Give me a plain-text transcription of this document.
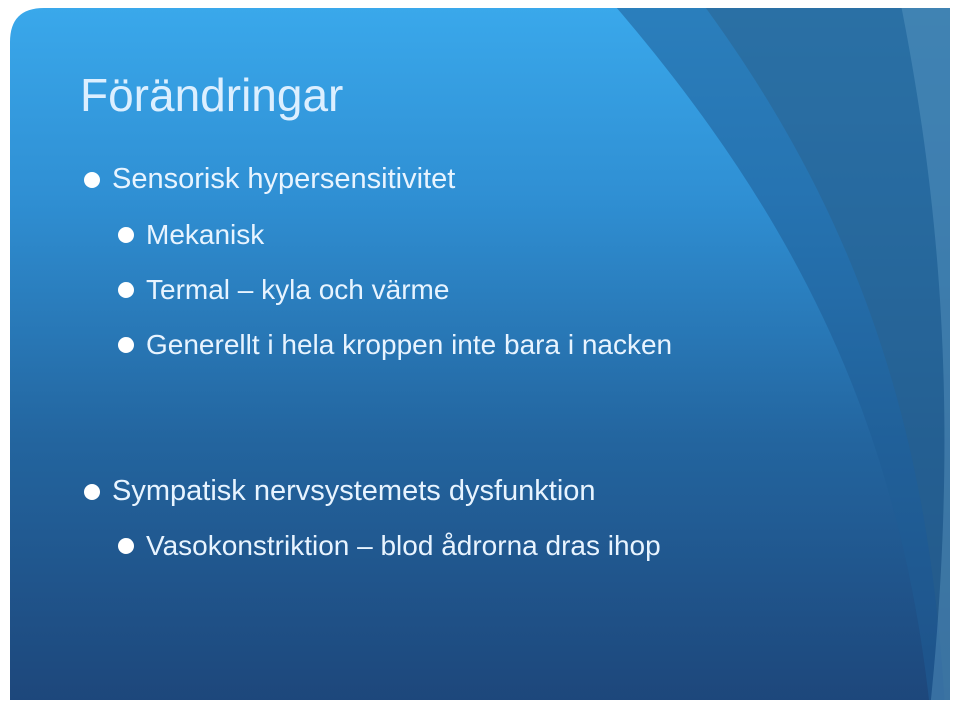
Förändringar
Sensorisk hypersensitivitet
Mekanisk
Termal – kyla och värme
Generellt i hela kroppen inte bara i nacken
Sympatisk nervsystemets dysfunktion
Vasokonstriktion – blod ådrorna dras ihop
